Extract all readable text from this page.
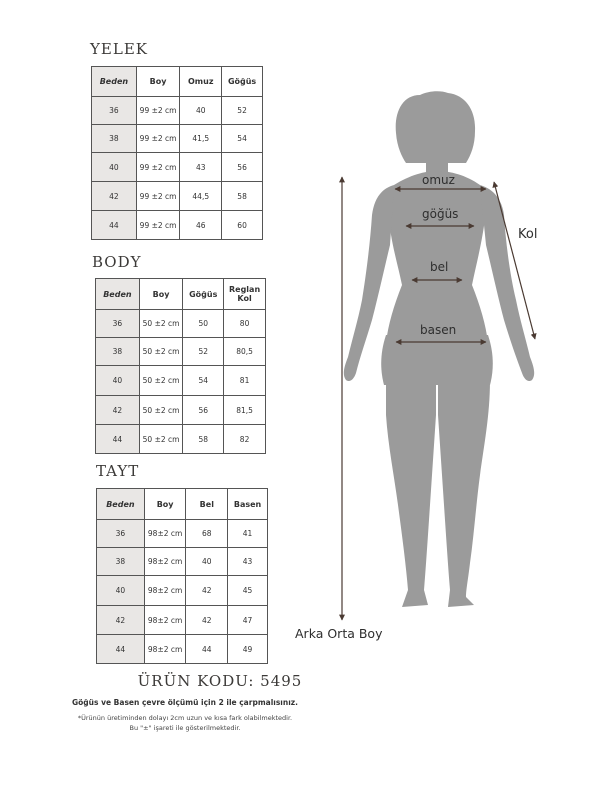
YELEK
Beden	Boy	Omuz	Göğüs
36	99 ±2 cm	40	52
38	99 ±2 cm	41,5	54
40	99 ±2 cm	43	56
42	99 ±2 cm	44,5	58
44	99 ±2 cm	46	60
BODY
Beden	Boy	Göğüs	Reglan Kol
36	50 ±2 cm	50	80
38	50 ±2 cm	52	80,5
40	50 ±2 cm	54	81
42	50 ±2 cm	56	81,5
44	50 ±2 cm	58	82
TAYT
Beden	Boy	Bel	Basen
36	98±2 cm	68	41
38	98±2 cm	40	43
40	98±2 cm	42	45
42	98±2 cm	42	47
44	98±2 cm	44	49
omuz
göğüs
bel
basen
Kol
Arka Orta Boy
ÜRÜN KODU: 5495
Göğüs ve Basen çevre ölçümü için 2 ile çarpmalısınız.
*Ürünün üretiminden dolayı 2cm uzun ve kısa fark olabilmektedir.
Bu "±" işareti ile gösterilmektedir.
